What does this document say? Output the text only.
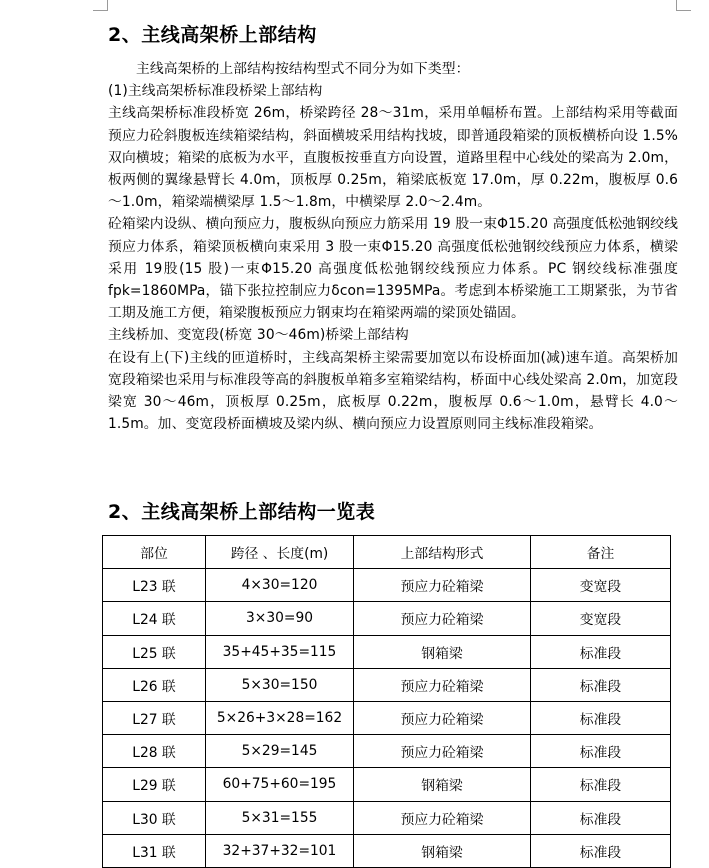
2、主线高架桥上部结构

主线高架桥的上部结构按结构型式不同分为如下类型：

(1)主线高架桥标准段桥梁上部结构

主线高架桥标准段桥宽 26m，桥梁跨径 28～31m，采用单幅桥布置。上部结构采用等截面预应力砼斜腹板连续箱梁结构，斜面横坡采用结构找坡，即普通段箱梁的顶板横桥向设 1.5%双向横坡；箱梁的底板为水平，直腹板按垂直方向设置，道路里程中心线处的梁高为 2.0m，板两侧的翼缘悬臂长 4.0m，顶板厚 0.25m，箱梁底板宽 17.0m，厚 0.22m，腹板厚 0.6～1.0m，箱梁端横梁厚 1.5～1.8m，中横梁厚 2.0～2.4m。

砼箱梁内设纵、横向预应力，腹板纵向预应力筋采用 19 股一束Φ15.20 高强度低松弛钢绞线预应力体系，箱梁顶板横向束采用 3 股一束Φ15.20 高强度低松弛钢绞线预应力体系，横梁采用 19股(15 股)一束Φ15.20 高强度低松弛钢绞线预应力体系。PC 钢绞线标准强度 fpk=1860MPa，锚下张拉控制应力δcon=1395MPa。考虑到本桥梁施工工期紧张，为节省工期及施工方便，箱梁腹板预应力钢束均在箱梁两端的梁顶处锚固。

主线桥加、变宽段(桥宽 30～46m)桥梁上部结构

在设有上(下)主线的匝道桥时，主线高架桥主梁需要加宽以布设桥面加(减)速车道。高架桥加宽段箱梁也采用与标准段等高的斜腹板单箱多室箱梁结构，桥面中心线处梁高 2.0m，加宽段梁宽 30～46m，顶板厚 0.25m，底板厚 0.22m，腹板厚 0.6～1.0m，悬臂长 4.0～1.5m。加、变宽段桥面横坡及梁内纵、横向预应力设置原则同主线标准段箱梁。

2、主线高架桥上部结构一览表
部位	跨径 、长度(m)	上部结构形式	备注
L23 联	4×30=120	预应力砼箱梁	变宽段
L24 联	3×30=90	预应力砼箱梁	变宽段
L25 联	35+45+35=115	钢箱梁	标准段
L26 联	5×30=150	预应力砼箱梁	标准段
L27 联	5×26+3×28=162	预应力砼箱梁	标准段
L28 联	5×29=145	预应力砼箱梁	标准段
L29 联	60+75+60=195	钢箱梁	标准段
L30 联	5×31=155	预应力砼箱梁	标准段
L31 联	32+37+32=101	钢箱梁	标准段
